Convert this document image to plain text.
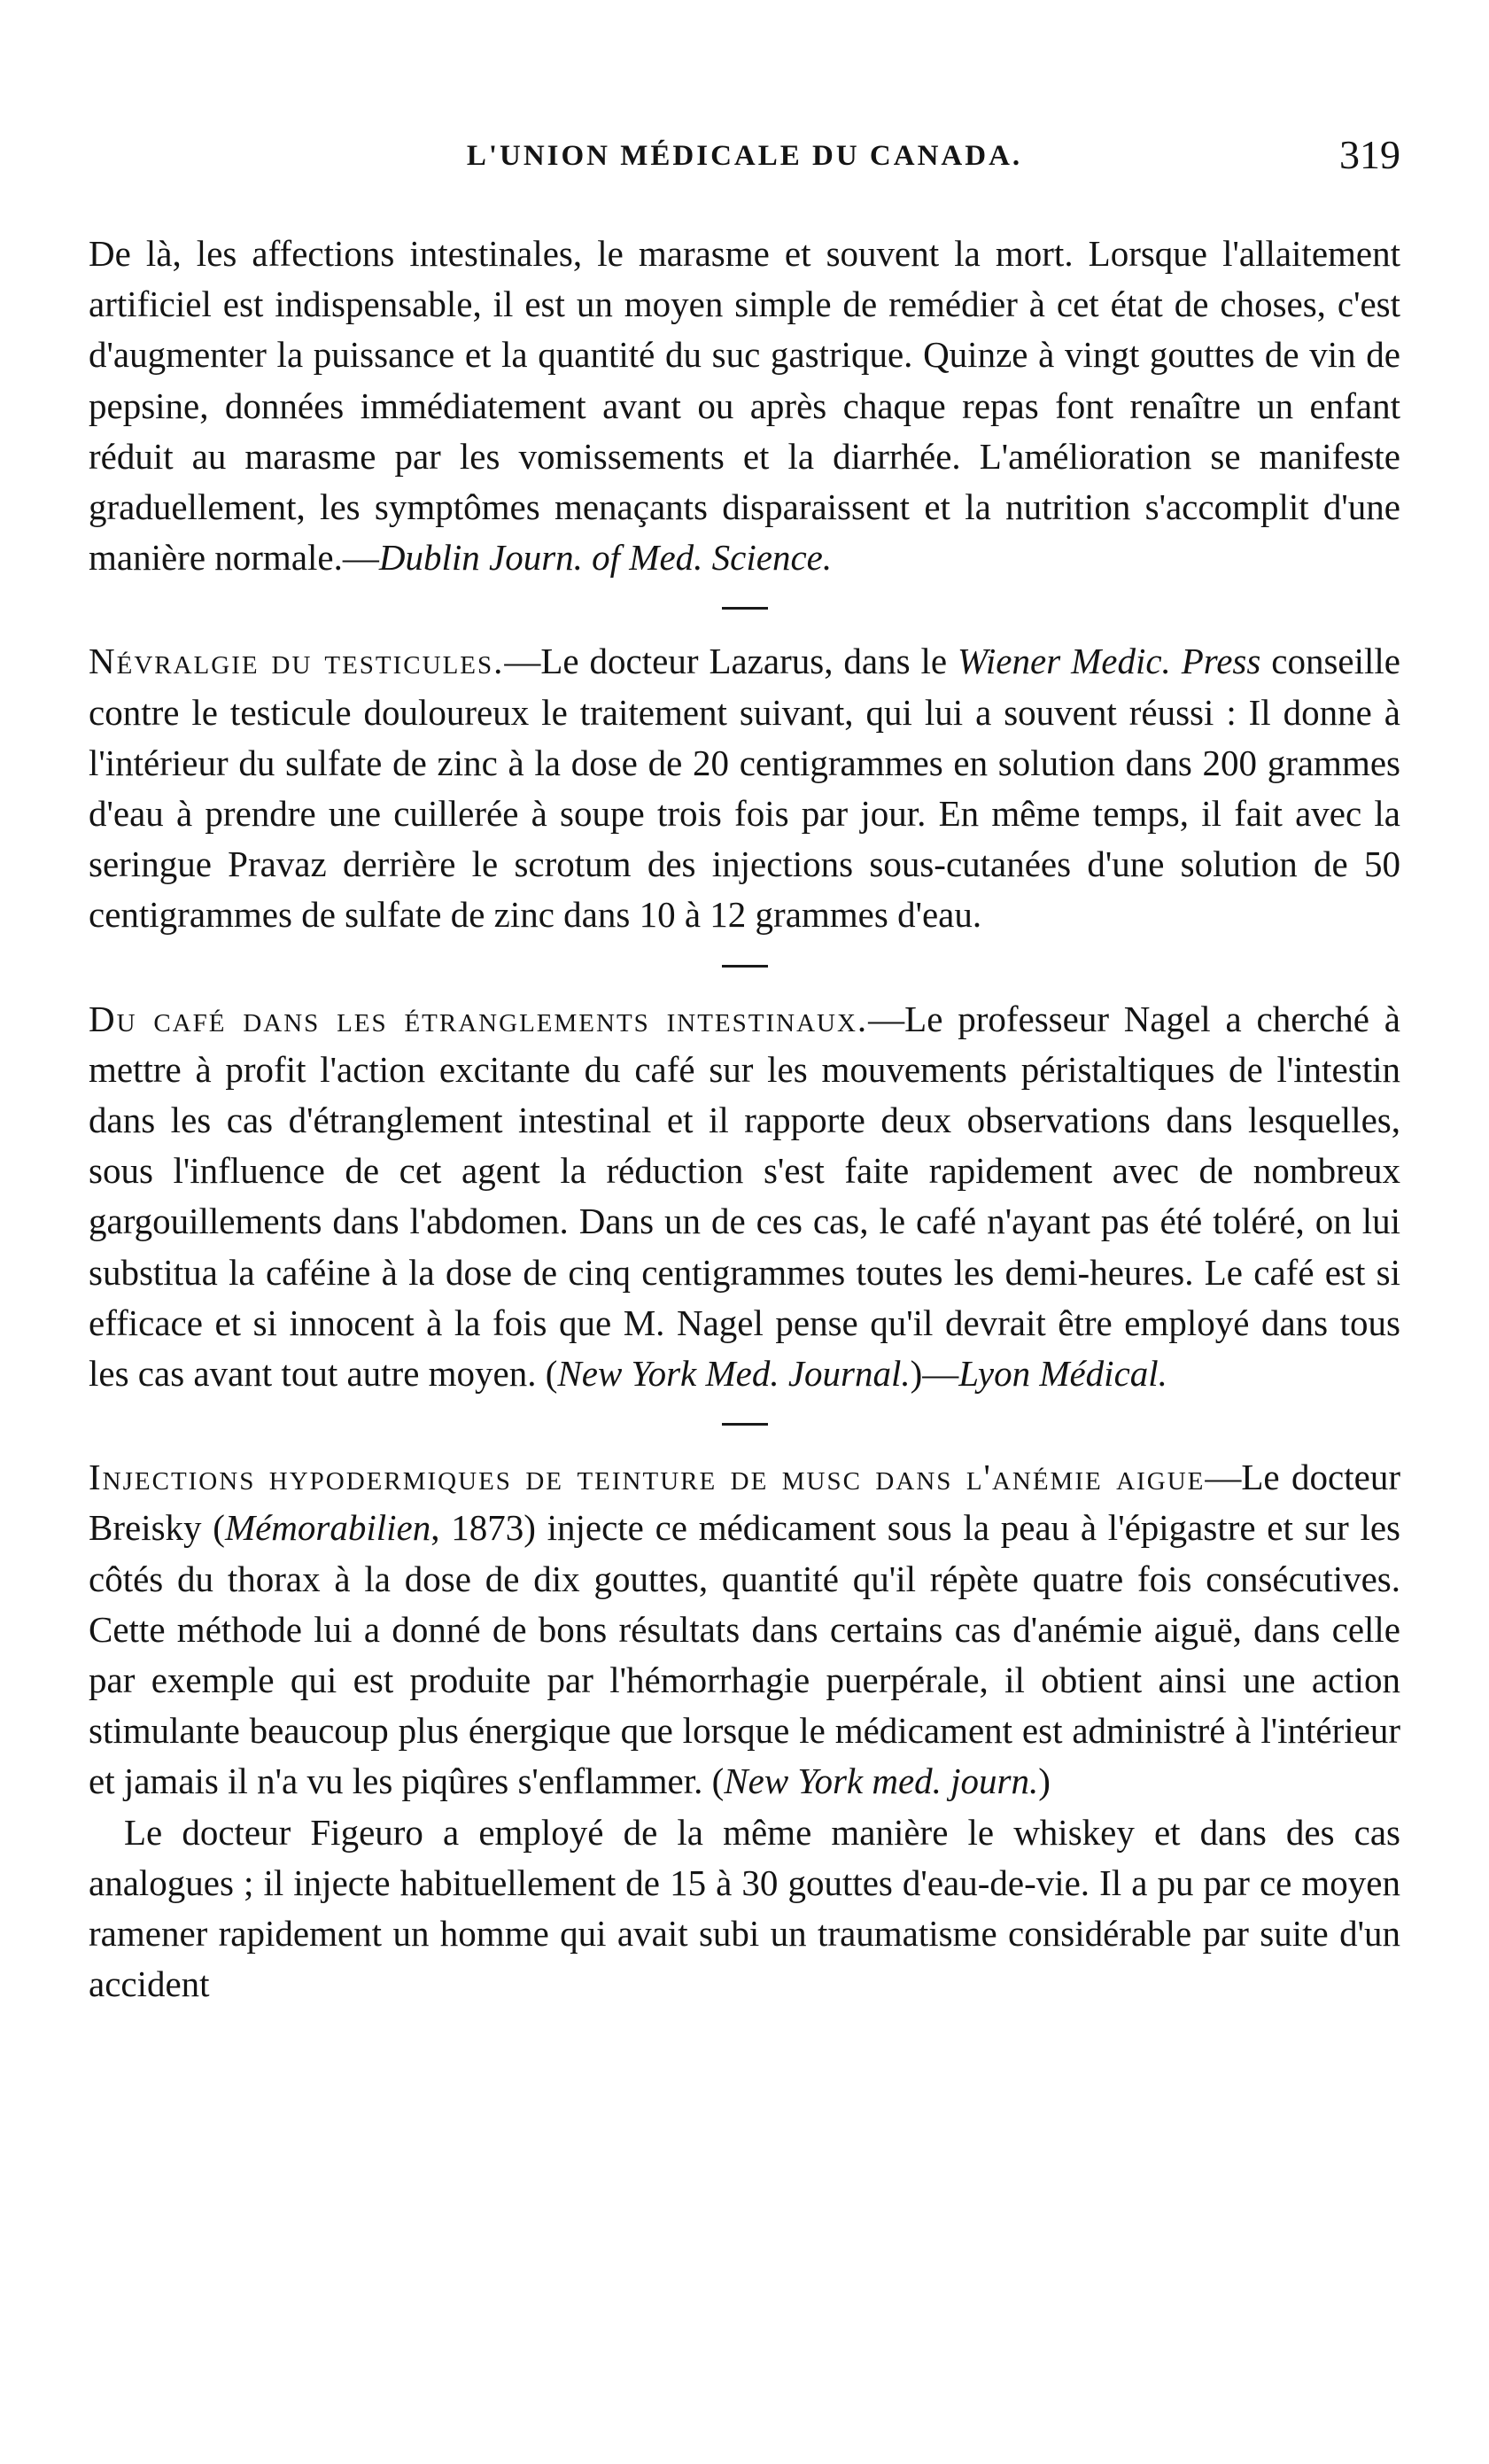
L'UNION MÉDICALE DU CANADA.	319

De là, les affections intestinales, le marasme et souvent la mort. Lorsque l'allaitement artificiel est indispensable, il est un moyen simple de remédier à cet état de choses, c'est d'augmenter la puissance et la quantité du suc gastrique. Quinze à vingt gouttes de vin de pepsine, données immédiatement avant ou après chaque repas font renaître un enfant réduit au marasme par les vomissements et la diarrhée. L'amélioration se manifeste graduellement, les symptômes menaçants disparaissent et la nutrition s'accomplit d'une manière normale.—Dublin Journ. of Med. Science.

Névralgie du testicules.—Le docteur Lazarus, dans le Wiener Medic. Press conseille contre le testicule douloureux le traitement suivant, qui lui a souvent réussi : Il donne à l'intérieur du sulfate de zinc à la dose de 20 centigrammes en solution dans 200 grammes d'eau à prendre une cuillerée à soupe trois fois par jour. En même temps, il fait avec la seringue Pravaz derrière le scrotum des injections sous-cutanées d'une solution de 50 centigrammes de sulfate de zinc dans 10 à 12 grammes d'eau.

Du café dans les étranglements intestinaux.—Le professeur Nagel a cherché à mettre à profit l'action excitante du café sur les mouvements péristaltiques de l'intestin dans les cas d'étranglement intestinal et il rapporte deux observations dans lesquelles, sous l'influence de cet agent la réduction s'est faite rapidement avec de nombreux gargouillements dans l'abdomen. Dans un de ces cas, le café n'ayant pas été toléré, on lui substitua la caféine à la dose de cinq centigrammes toutes les demi-heures. Le café est si efficace et si innocent à la fois que M. Nagel pense qu'il devrait être employé dans tous les cas avant tout autre moyen. (New York Med. Journal.)—Lyon Médical.

Injections hypodermiques de teinture de musc dans l'anémie aigue—Le docteur Breisky (Mémorabilien, 1873) injecte ce médicament sous la peau à l'épigastre et sur les côtés du thorax à la dose de dix gouttes, quantité qu'il répète quatre fois consécutives. Cette méthode lui a donné de bons résultats dans certains cas d'anémie aiguë, dans celle par exemple qui est produite par l'hémorrhagie puerpérale, il obtient ainsi une action stimulante beaucoup plus énergique que lorsque le médicament est administré à l'intérieur et jamais il n'a vu les piqûres s'enflammer. (New York med. journ.)

Le docteur Figeuro a employé de la même manière le whiskey et dans des cas analogues ; il injecte habituellement de 15 à 30 gouttes d'eau-de-vie. Il a pu par ce moyen ramener rapidement un homme qui avait subi un traumatisme considérable par suite d'un accident
